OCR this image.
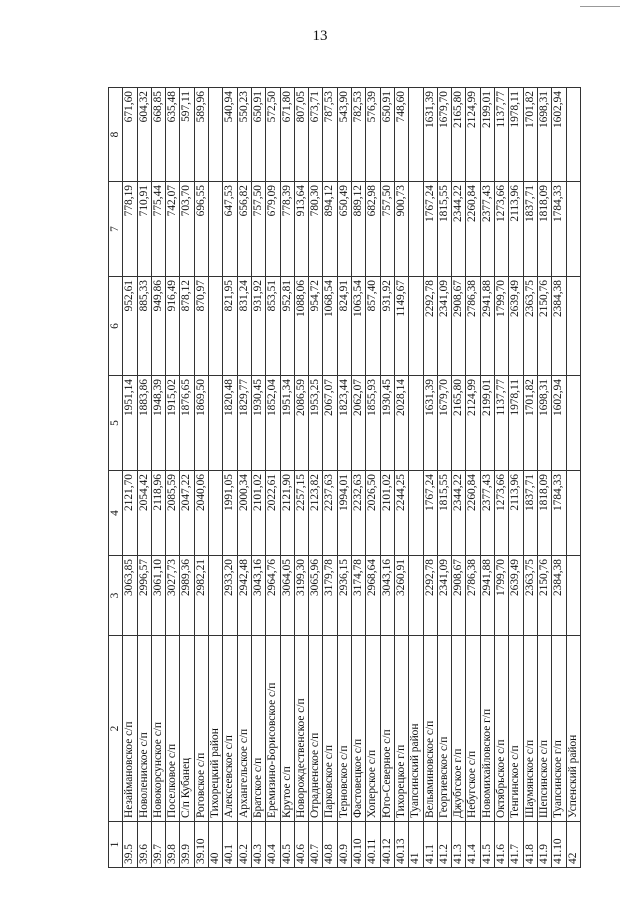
13
1	2	3	4	5	6	7	8
39.5	Незаймановское с/п	3063,85	2121,70	1951,14	952,61	778,19	671,60
39.6	Новолениское с/п	2996,57	2054,42	1883,86	885,33	710,91	604,32
39.7	Новокорсунское с/п	3061,10	2118,96	1948,39	949,86	775,44	668,85
39.8	Поселковое с/п	3027,73	2085,59	1915,02	916,49	742,07	635,48
39.9	С/п Кубанец	2989,36	2047,22	1876,65	878,12	703,70	597,11
39.10	Роговское с/п	2982,21	2040,06	1869,50	870,97	696,55	589,96
40	Тихорецкий район						
40.1	Алексеевское с/п	2933,20	1991,05	1820,48	821,95	647,53	540,94
40.2	Архангельское с/п	2942,48	2000,34	1829,77	831,24	656,82	550,23
40.3	Братское с/п	3043,16	2101,02	1930,45	931,92	757,50	650,91
40.4	Еремизино-Борисовское с/п	2964,76	2022,61	1852,04	853,51	679,09	572,50
40.5	Крутое с/п	3064,05	2121,90	1951,34	952,81	778,39	671,80
40.6	Новорождественское с/п	3199,30	2257,15	2086,59	1088,06	913,64	807,05
40.7	Отрадненское с/п	3065,96	2123,82	1953,25	954,72	780,30	673,71
40.8	Парковское с/п	3179,78	2237,63	2067,07	1068,54	894,12	787,53
40.9	Терновское с/п	2936,15	1994,01	1823,44	824,91	650,49	543,90
40.10	Фастовецкое с/п	3174,78	2232,63	2062,07	1063,54	889,12	782,53
40.11	Хоперское с/п	2968,64	2026,50	1855,93	857,40	682,98	576,39
40.12	Юго-Северное с/п	3043,16	2101,02	1930,45	931,92	757,50	650,91
40.13	Тихорецкое г/п	3260,91	2244,25	2028,14	1149,67	900,73	748,60
41	Туапсинский район						
41.1	Вельяминовское с/п	2292,78	1767,24	1631,39	2292,78	1767,24	1631,39
41.2	Георгиевское с/п	2341,09	1815,55	1679,70	2341,09	1815,55	1679,70
41.3	Джубгское г/п	2908,67	2344,22	2165,80	2908,67	2344,22	2165,80
41.4	Небугское с/п	2786,38	2260,84	2124,99	2786,38	2260,84	2124,99
41.5	Новомихайловское г/п	2941,88	2377,43	2199,01	2941,88	2377,43	2199,01
41.6	Октябрьское с/п	1799,70	1273,66	1137,77	1799,70	1273,66	1137,77
41.7	Тенгинское с/п	2639,49	2113,96	1978,11	2639,49	2113,96	1978,11
41.8	Шаумянское с/п	2363,75	1837,71	1701,82	2363,75	1837,71	1701,82
41.9	Шепсинское с/п	2150,76	1818,09	1698,31	2150,76	1818,09	1698,31
41.10	Туапсинское г/п	2384,38	1784,33	1602,94	2384,38	1784,33	1602,94
42	Успенский район						
